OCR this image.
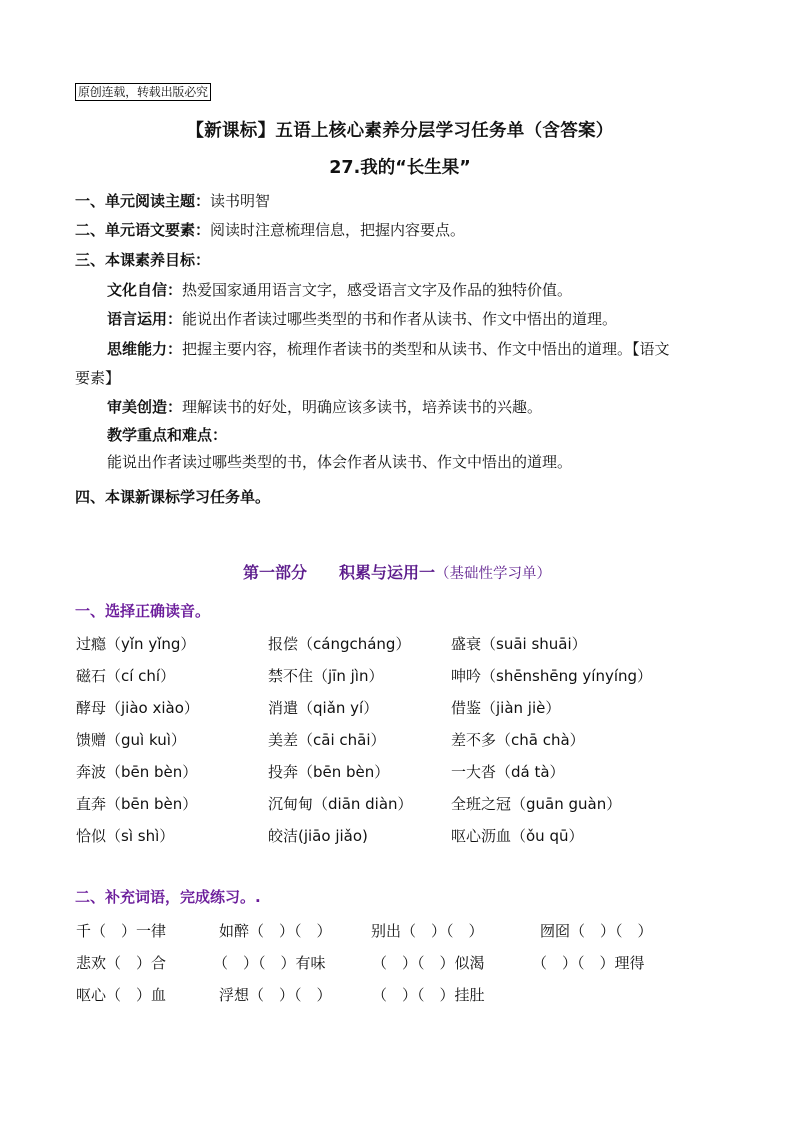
原创连载，转载出版必究
【新课标】五语上核心素养分层学习任务单（含答案）
27.我的“长生果”
一、单元阅读主题：读书明智
二、单元语文要素：阅读时注意梳理信息，把握内容要点。
三、本课素养目标：
文化自信：热爱国家通用语言文字，感受语言文字及作品的独特价值。
语言运用：能说出作者读过哪些类型的书和作者从读书、作文中悟出的道理。
思维能力：把握主要内容，梳理作者读书的类型和从读书、作文中悟出的道理。【语文
要素】
审美创造：理解读书的好处，明确应该多读书，培养读书的兴趣。
教学重点和难点：
能说出作者读过哪些类型的书，体会作者从读书、作文中悟出的道理。
四、本课新课标学习任务单。
第一部分　　积累与运用一（基础性学习单）
一、选择正确读音。
过瘾（yǐn yǐng）	报偿（cángcháng）	盛衰（suāi shuāi）
磁石（cí chí）	禁不住（jīn jìn）	呻吟（shēnshēng yínyíng）
酵母（jiào xiào）	消遣（qiǎn yí）	借鉴（jiàn jiè）
馈赠（guì kuì）	美差（cāi chāi）	差不多（chā chà）
奔波（bēn bèn）	投奔（bēn bèn）	一大沓（dá tà）
直奔（bēn bèn）	沉甸甸（diān diàn）	全班之冠（guān guàn）
恰似（sì shì）	皎洁(jiāo jiǎo)	呕心沥血（ǒu qū）
二、补充词语，完成练习。.
千（　）一律	如醉（　）（　）	别出（　）（　）	囫囵（　）（　）
悲欢（　）合	（　）（　）有味	（　）（　）似渴	（　）（　）理得
呕心（　）血	浮想（　）（　）	（　）（　）挂肚
